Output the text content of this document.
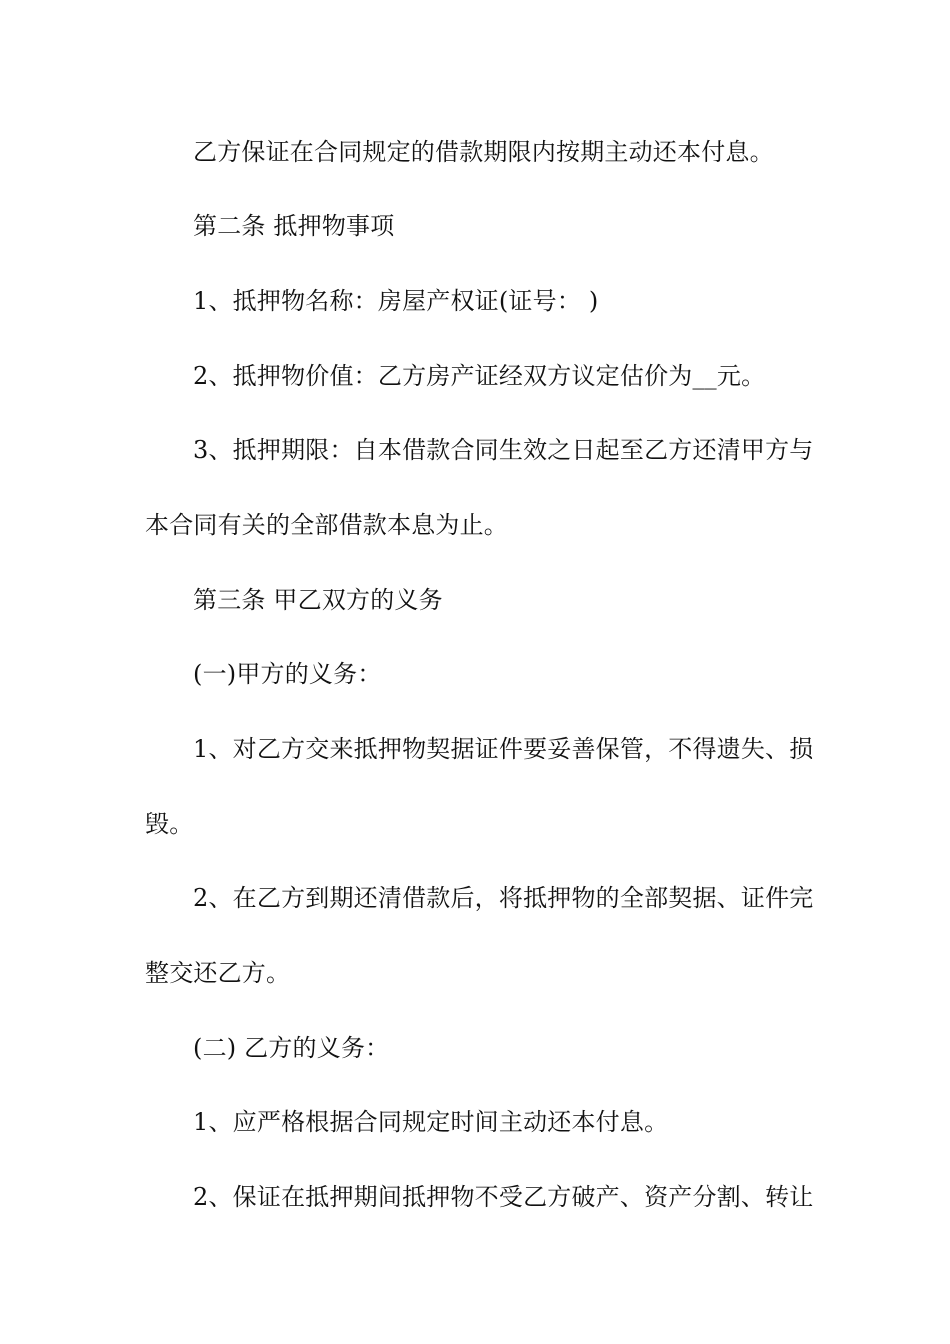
乙方保证在合同规定的借款期限内按期主动还本付息。
第二条 抵押物事项
1、抵押物名称：房屋产权证(证号： )
2、抵押物价值：乙方房产证经双方议定估价为__元。
3、抵押期限：自本借款合同生效之日起至乙方还清甲方与
本合同有关的全部借款本息为止。
第三条 甲乙双方的义务
(一)甲方的义务：
1、对乙方交来抵押物契据证件要妥善保管，不得遗失、损
毁。
2、在乙方到期还清借款后，将抵押物的全部契据、证件完
整交还乙方。
(二) 乙方的义务：
1、应严格根据合同规定时间主动还本付息。
2、保证在抵押期间抵押物不受乙方破产、资产分割、转让
